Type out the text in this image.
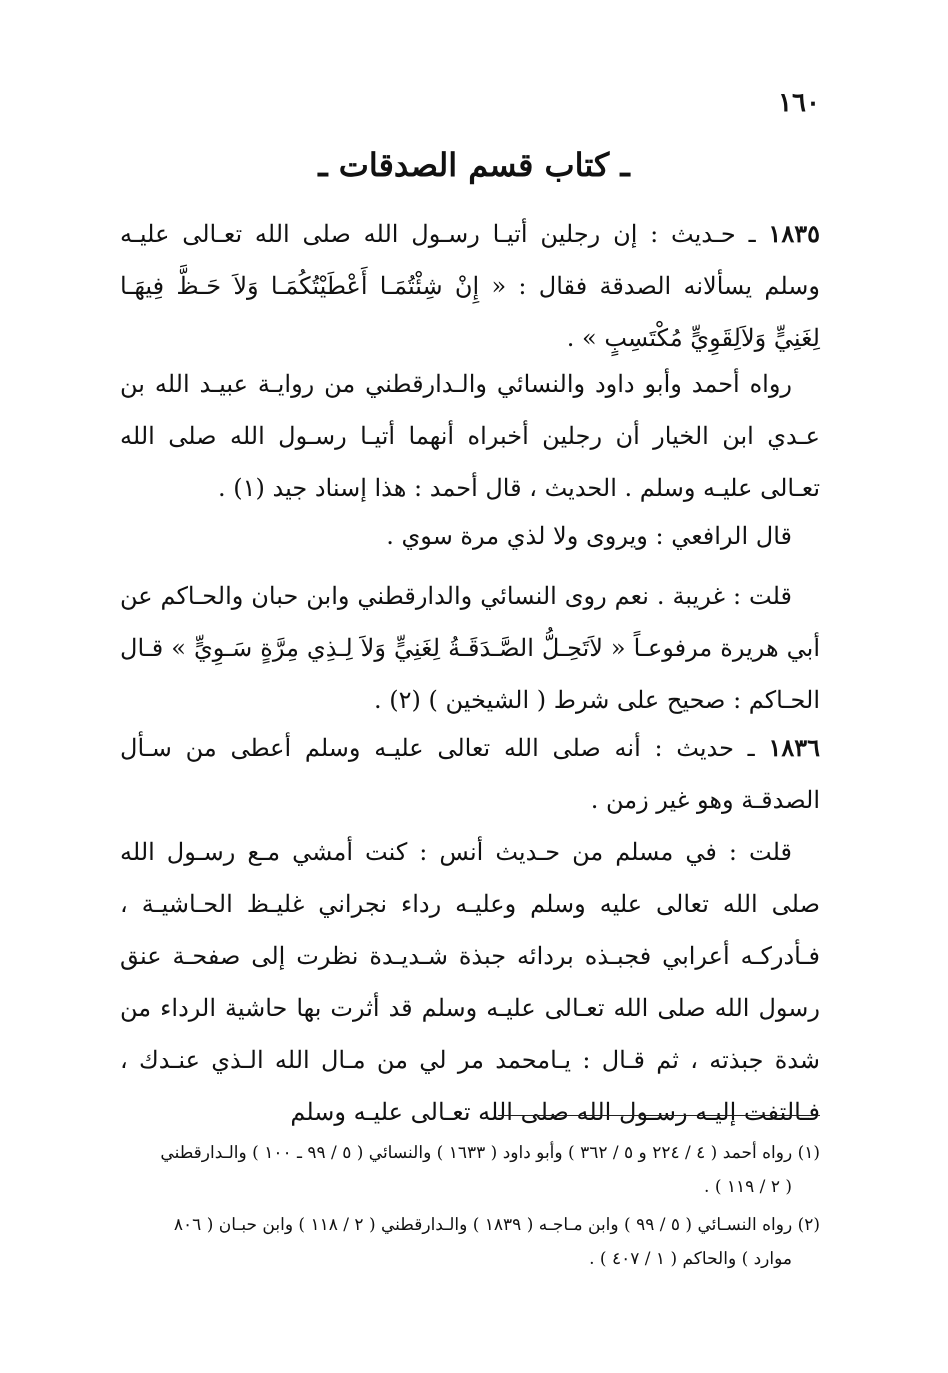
١٦٠
ـ كتاب قسم الصدقات ـ
١٨٣٥ ـ حـديث : إن رجلين أتيـا رسـول الله صلى الله تعـالى عليـه وسلم يسألانه الصدقة فقال : « إِنْ شِئْتُمَـا أَعْطَيْتُكُمَـا وَلاَ حَـظَّ فِيهَـا لِغَنِيٍّ وَلاَلِقَوِيٍّ مُكْتَسِبٍ » .
رواه أحمد وأبو داود والنسائي والـدارقطني من روايـة عبيـد الله بن عـدي ابن الخيار أن رجلين أخبراه أنهما أتيـا رسـول الله صلى الله تعـالى عليـه وسلم . الحديث ، قال أحمد : هذا إسناد جيد (١) .
قال الرافعي : ويروى ولا لذي مرة سوي .
قلت : غريبة . نعم روى النسائي والدارقطني وابن حبان والحـاكم عن أبي هريرة مرفوعـاً « لاَتَحِـلُّ الصَّـدَقَـةُ لِغَنِيٍّ وَلاَ لِـذِي مِرَّةٍ سَـوِيٍّ » قـال الحـاكم : صحيح على شرط ( الشيخين ) (٢) .
١٨٣٦ ـ حديث : أنه صلى الله تعالى عليـه وسلم أعطى من سـأل الصدقـة وهو غير زمن .
قلت : في مسلم من حـديث أنس : كنت أمشي مـع رسـول الله صلى الله تعالى عليه وسلم وعليـه رداء نجراني غليـظ الحـاشيـة ، فـأدركـه أعرابي فجبـذه بردائه جبذة شـديـدة نظرت إلى صفحـة عنق رسول الله صلى الله تعـالى عليـه وسلم قد أثرت بها حاشية الرداء من شدة جبذته ، ثم قـال : يـامحمد مر لي من مـال الله الـذي عنـدك ، فـالتفت إليـه رسـول الله صلى الله تعـالى عليـه وسلم
(١) رواه أحمد ( ٤ / ٢٢٤ و ٥ / ٣٦٢ ) وأبو داود ( ١٦٣٣ ) والنسائي ( ٥ / ٩٩ ـ ١٠٠ ) والـدارقطني
( ٢ / ١١٩ ) .
(٢) رواه النسـائي ( ٥ / ٩٩ ) وابن مـاجـه ( ١٨٣٩ ) والـدارقطني ( ٢ / ١١٨ ) وابن حبـان ( ٨٠٦
موارد ) والحاكم ( ١ / ٤٠٧ ) .
